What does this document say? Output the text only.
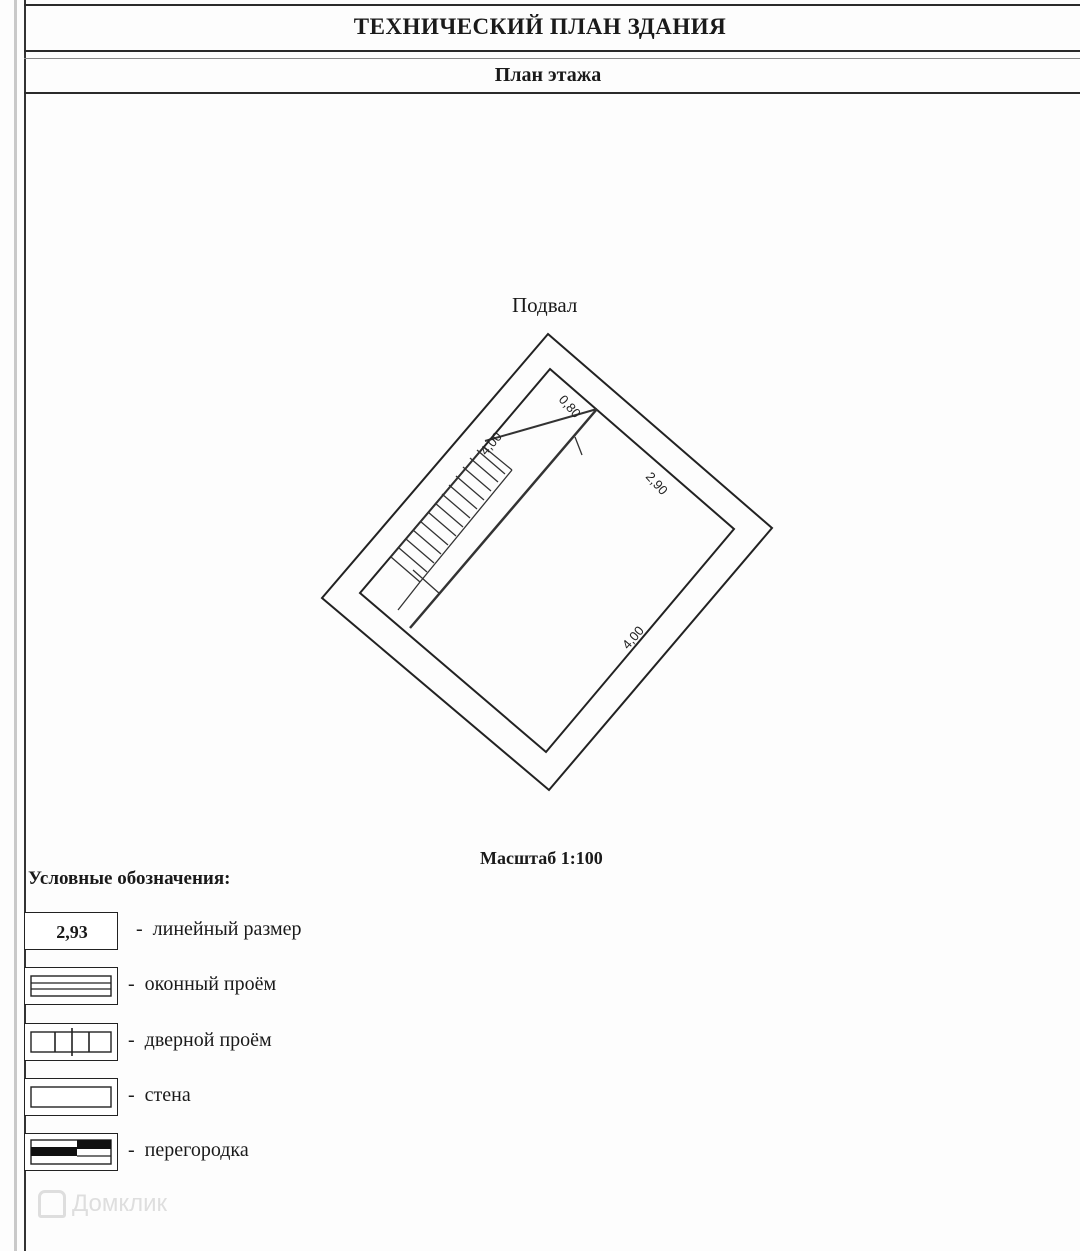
ТЕХНИЧЕСКИЙ ПЛАН ЗДАНИЯ
План этажа
Подвал
0,80
4,00
2,90
4,00
Масштаб 1:100
Условные обозначения:
2,93	- линейный размер
- оконный проём
- дверной проём
- стена
- перегородка
Домклик
